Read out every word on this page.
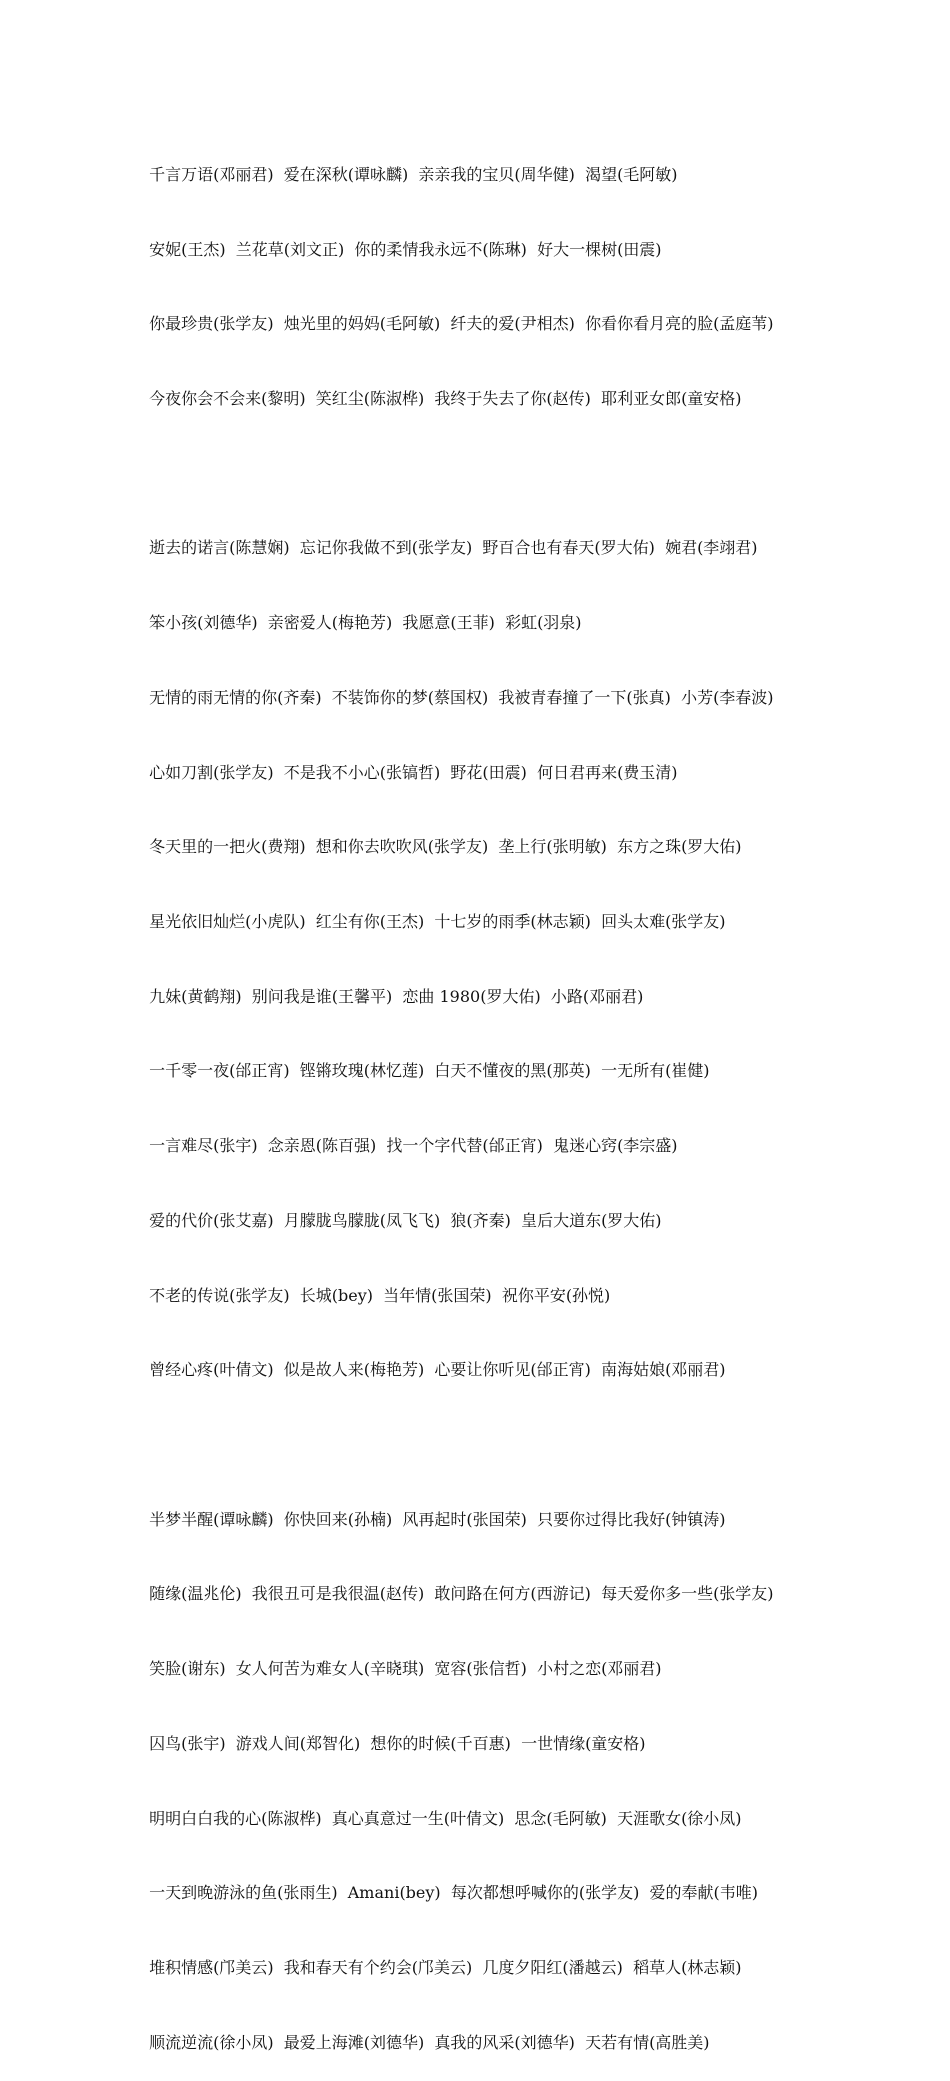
千言万语(邓丽君)  爱在深秋(谭咏麟)  亲亲我的宝贝(周华健)  渴望(毛阿敏)

安妮(王杰)  兰花草(刘文正)  你的柔情我永远不(陈琳)  好大一棵树(田震)

你最珍贵(张学友)  烛光里的妈妈(毛阿敏)  纤夫的爱(尹相杰)  你看你看月亮的脸(孟庭苇)

今夜你会不会来(黎明)  笑红尘(陈淑桦)  我终于失去了你(赵传)  耶利亚女郎(童安格)

逝去的诺言(陈慧娴)  忘记你我做不到(张学友)  野百合也有春天(罗大佑)  婉君(李翊君)

笨小孩(刘德华)  亲密爱人(梅艳芳)  我愿意(王菲)  彩虹(羽泉)

无情的雨无情的你(齐秦)  不装饰你的梦(蔡国权)  我被青春撞了一下(张真)  小芳(李春波)

心如刀割(张学友)  不是我不小心(张镐哲)  野花(田震)  何日君再来(费玉清)

冬天里的一把火(费翔)  想和你去吹吹风(张学友)  垄上行(张明敏)  东方之珠(罗大佑)

星光依旧灿烂(小虎队)  红尘有你(王杰)  十七岁的雨季(林志颖)  回头太难(张学友)

九妹(黄鹤翔)  别问我是谁(王馨平)  恋曲 1980(罗大佑)  小路(邓丽君)

一千零一夜(邰正宵)  铿锵玫瑰(林忆莲)  白天不懂夜的黑(那英)  一无所有(崔健)

一言难尽(张宇)  念亲恩(陈百强)  找一个字代替(邰正宵)  鬼迷心窍(李宗盛)

爱的代价(张艾嘉)  月朦胧鸟朦胧(凤飞飞)  狼(齐秦)  皇后大道东(罗大佑)

不老的传说(张学友)  长城(bey)  当年情(张国荣)  祝你平安(孙悦)

曾经心疼(叶倩文)  似是故人来(梅艳芳)  心要让你听见(邰正宵)  南海姑娘(邓丽君)

半梦半醒(谭咏麟)  你快回来(孙楠)  风再起时(张国荣)  只要你过得比我好(钟镇涛)

随缘(温兆伦)  我很丑可是我很温(赵传)  敢问路在何方(西游记)  每天爱你多一些(张学友)

笑脸(谢东)  女人何苦为难女人(辛晓琪)  宽容(张信哲)  小村之恋(邓丽君)

囚鸟(张宇)  游戏人间(郑智化)  想你的时候(千百惠)  一世情缘(童安格)

明明白白我的心(陈淑桦)  真心真意过一生(叶倩文)  思念(毛阿敏)  天涯歌女(徐小凤)

一天到晚游泳的鱼(张雨生)  Amani(bey)  每次都想呼喊你的(张学友)  爱的奉献(韦唯)

堆积情感(邝美云)  我和春天有个约会(邝美云)  几度夕阳红(潘越云)  稻草人(林志颖)

顺流逆流(徐小凤)  最爱上海滩(刘德华)  真我的风采(刘德华)  天若有情(高胜美)
